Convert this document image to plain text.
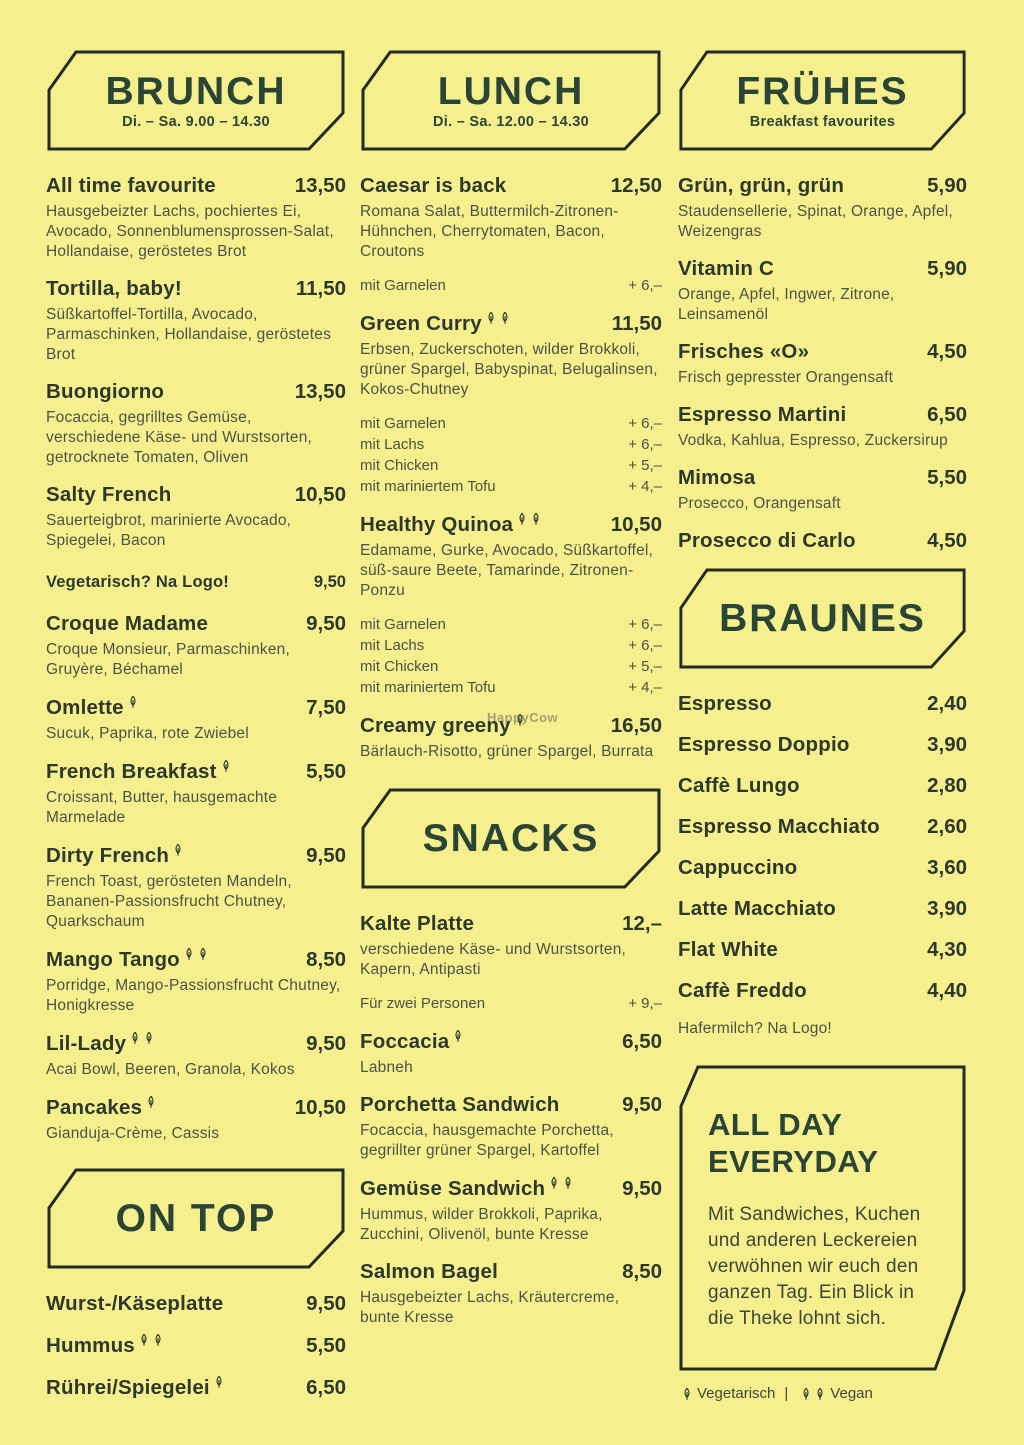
BRUNCH
Di. – Sa. 9.00 – 14.30
All time favourite	13,50
Hausgebeizter Lachs, pochiertes Ei, Avocado, Sonnenblumensprossen-Salat, Hollandaise, geröstetes Brot
Tortilla, baby!	11,50
Süßkartoffel-Tortilla, Avocado, Parmaschinken, Hollandaise, geröstetes Brot
Buongiorno	13,50
Focaccia, gegrilltes Gemüse, verschiedene Käse- und Wurstsorten, getrocknete Tomaten, Oliven
Salty French	10,50
Sauerteigbrot, marinierte Avocado, Spiegelei, Bacon
Vegetarisch? Na Logo!	9,50
Croque Madame	9,50
Croque Monsieur, Parmaschinken, Gruyère, Béchamel
Omlette	7,50
Sucuk, Paprika, rote Zwiebel
French Breakfast	5,50
Croissant, Butter, hausgemachte Marmelade
Dirty French	9,50
French Toast, gerösteten Mandeln, Bananen-Passionsfrucht Chutney, Quarkschaum
Mango Tango	8,50
Porridge, Mango-Passionsfrucht Chutney, Honigkresse
Lil-Lady	9,50
Acai Bowl, Beeren, Granola, Kokos
Pancakes	10,50
Gianduja-Crème, Cassis
ON TOP
Wurst-/Käseplatte	9,50
Hummus	5,50
Rührei/Spiegelei	6,50
LUNCH
Di. – Sa. 12.00 – 14.30
Caesar is back	12,50
Romana Salat, Buttermilch-Zitronen-Hühnchen, Cherrytomaten, Bacon, Croutons
mit Garnelen	+ 6,–
Green Curry	11,50
Erbsen, Zuckerschoten, wilder Brokkoli, grüner Spargel, Babyspinat, Belugalinsen, Kokos-Chutney
mit Garnelen	+ 6,–
mit Lachs	+ 6,–
mit Chicken	+ 5,–
mit mariniertem Tofu	+ 4,–
Healthy Quinoa	10,50
Edamame, Gurke, Avocado, Süßkartoffel, süß-saure Beete, Tamarinde, Zitronen-Ponzu
mit Garnelen	+ 6,–
mit Lachs	+ 6,–
mit Chicken	+ 5,–
mit mariniertem Tofu	+ 4,–
Creamy greeny	16,50
Bärlauch-Risotto, grüner Spargel, Burrata
SNACKS
Kalte Platte	12,–
verschiedene Käse- und Wurstsorten, Kapern, Antipasti
Für zwei Personen	+ 9,–
Foccacia	6,50
Labneh
Porchetta Sandwich	9,50
Focaccia, hausgemachte Porchetta, gegrillter grüner Spargel, Kartoffel
Gemüse Sandwich	9,50
Hummus, wilder Brokkoli, Paprika, Zucchini, Olivenöl, bunte Kresse
Salmon Bagel	8,50
Hausgebeizter Lachs, Kräutercreme, bunte Kresse
FRÜHES
Breakfast favourites
Grün, grün, grün	5,90
Staudensellerie, Spinat, Orange, Apfel, Weizengras
Vitamin C	5,90
Orange, Apfel, Ingwer, Zitrone, Leinsamenöl
Frisches «O»	4,50
Frisch gepresster Orangensaft
Espresso Martini	6,50
Vodka, Kahlua, Espresso, Zuckersirup
Mimosa	5,50
Prosecco, Orangensaft
Prosecco di Carlo	4,50
BRAUNES
Espresso	2,40
Espresso Doppio	3,90
Caffè Lungo	2,80
Espresso Macchiato 2,60
Cappuccino	3,60
Latte Macchiato	3,90
Flat White	4,30
Caffè Freddo	4,40
Hafermilch? Na Logo!
ALL DAY EVERYDAY
Mit Sandwiches, Kuchen und anderen Leckereien verwöhnen wir euch den ganzen Tag. Ein Blick in die Theke lohnt sich.
Vegetarisch |	Vegan
HappyCow
